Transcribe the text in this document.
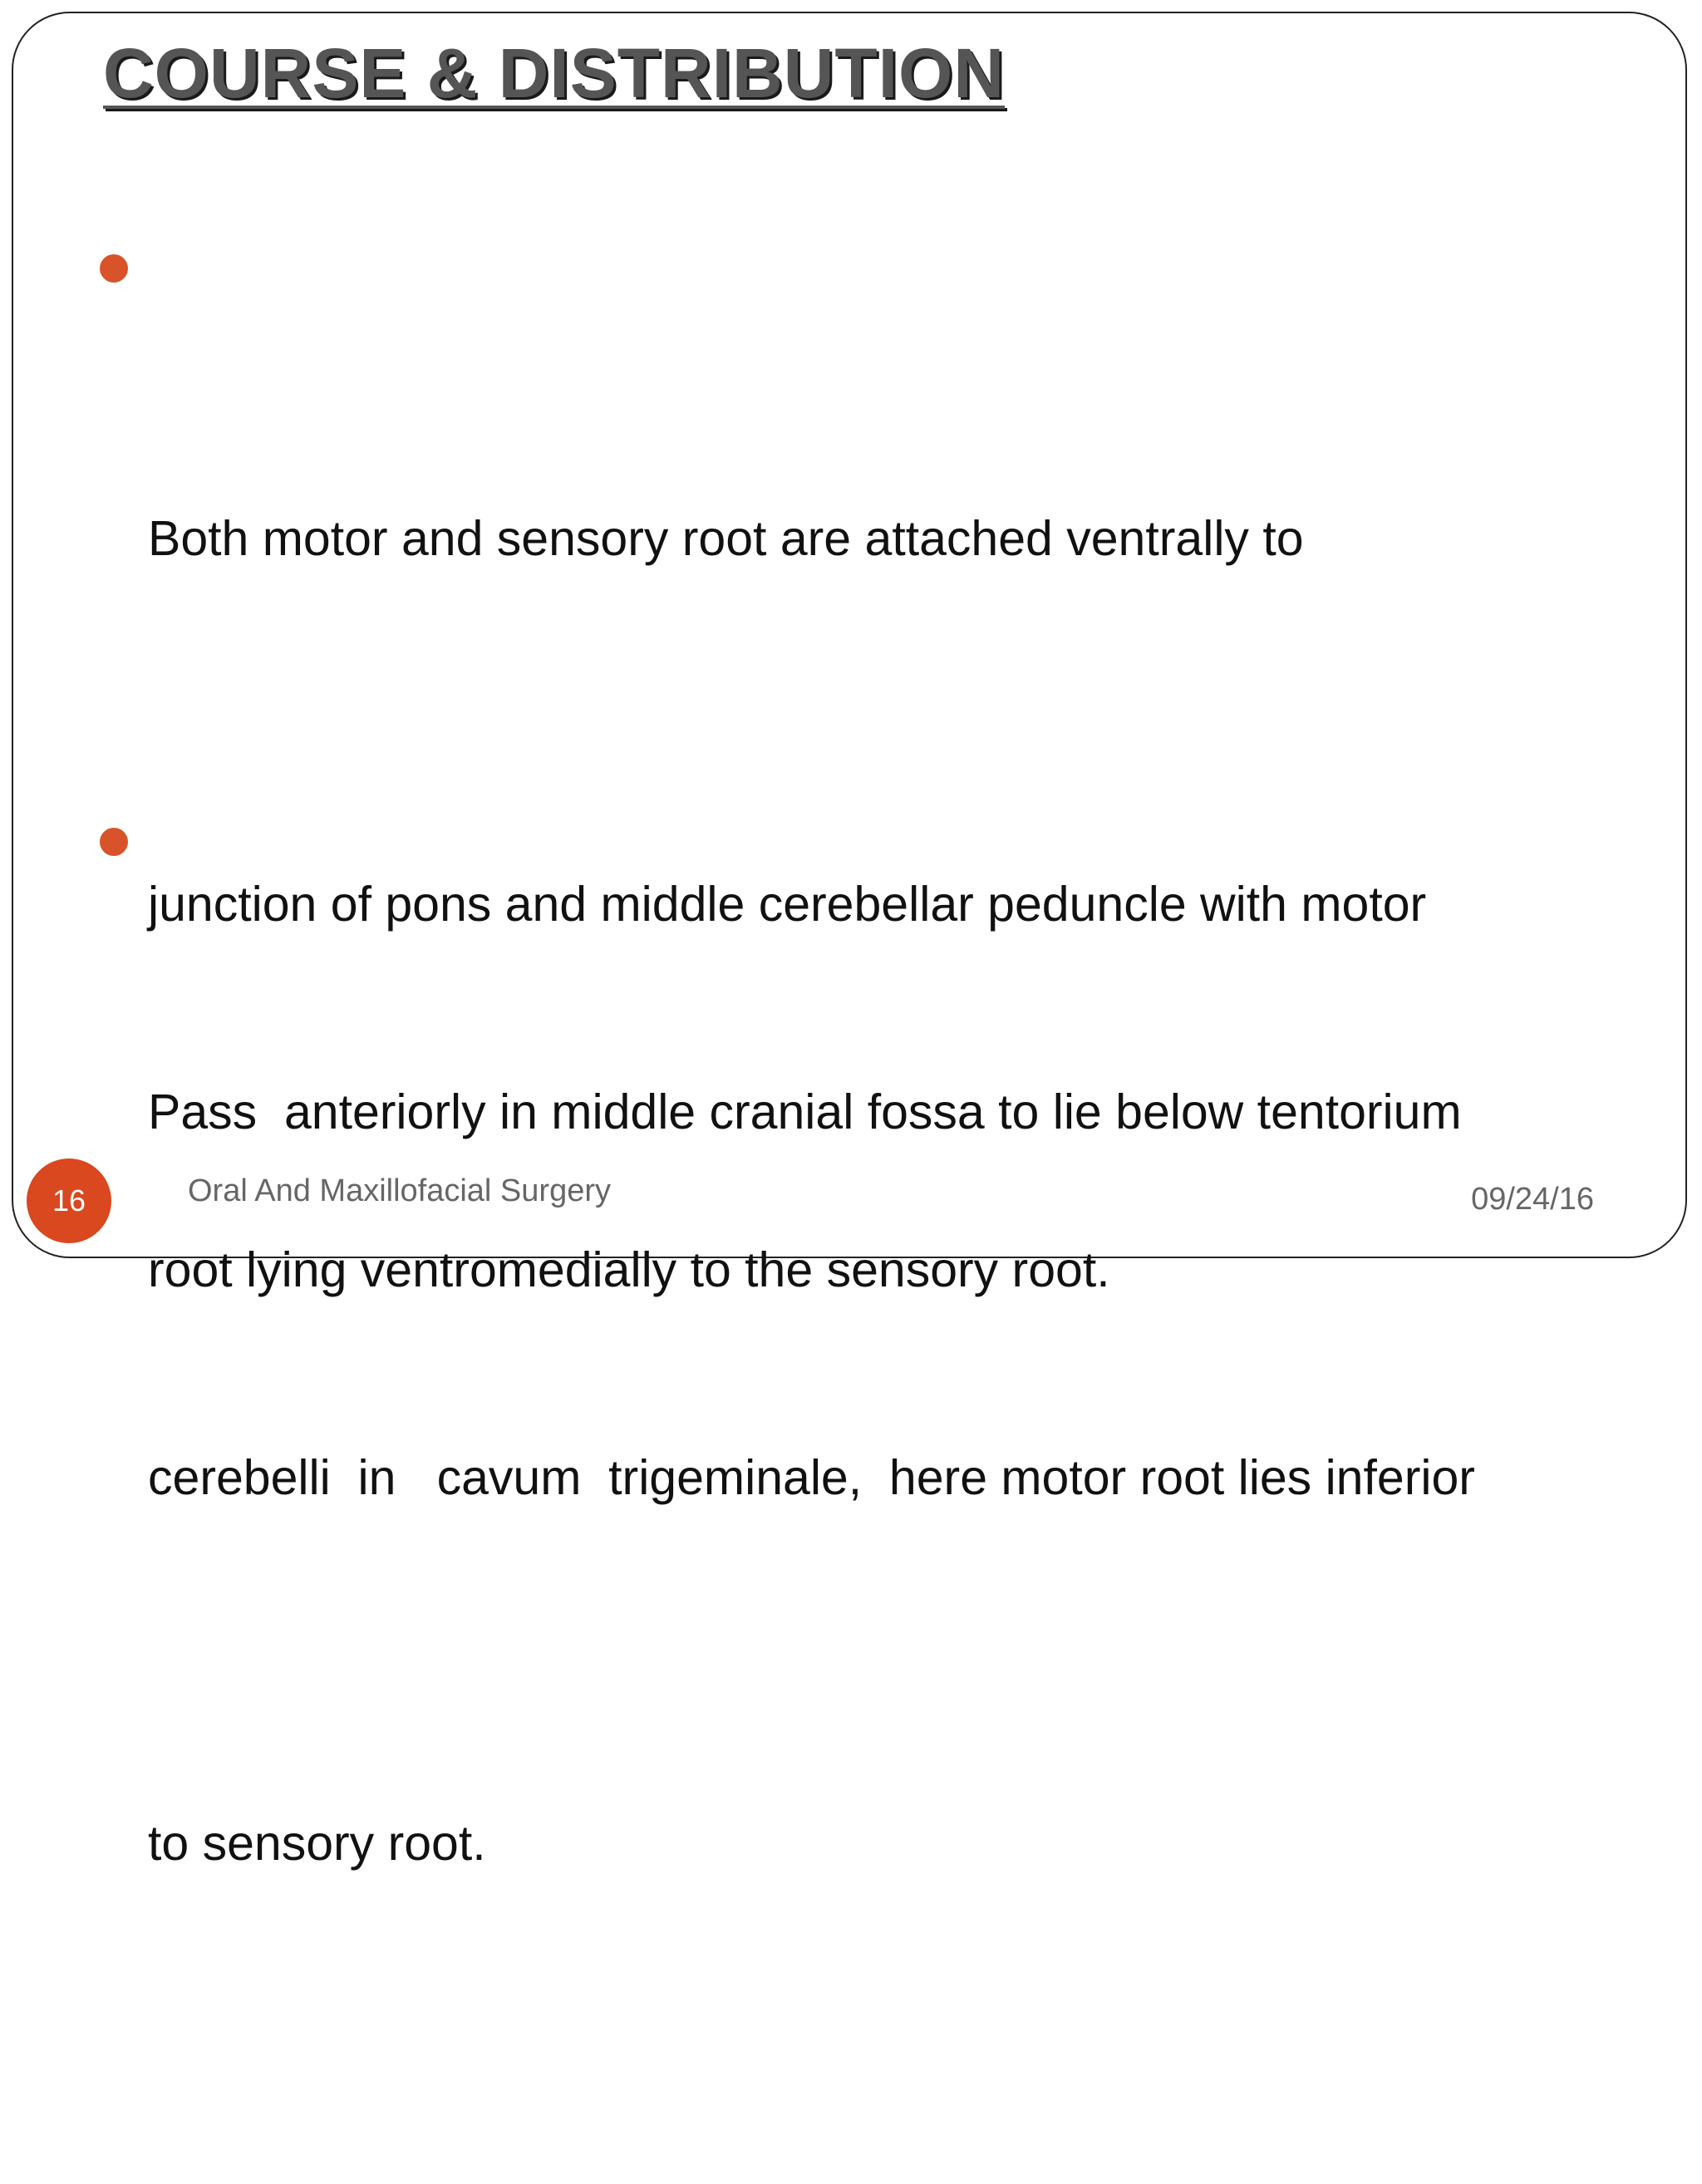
COURSE & DISTRIBUTION

Both motor and sensory root are attached ventrally to

junction of pons and middle cerebellar peduncle with motor

root lying ventromedially to the sensory root.

Pass  anteriorly in middle cranial fossa to lie below tentorium

cerebelli  in   cavum  trigeminale,  here motor root lies inferior

to sensory root.

16	Oral And Maxillofacial Surgery	09/24/16
